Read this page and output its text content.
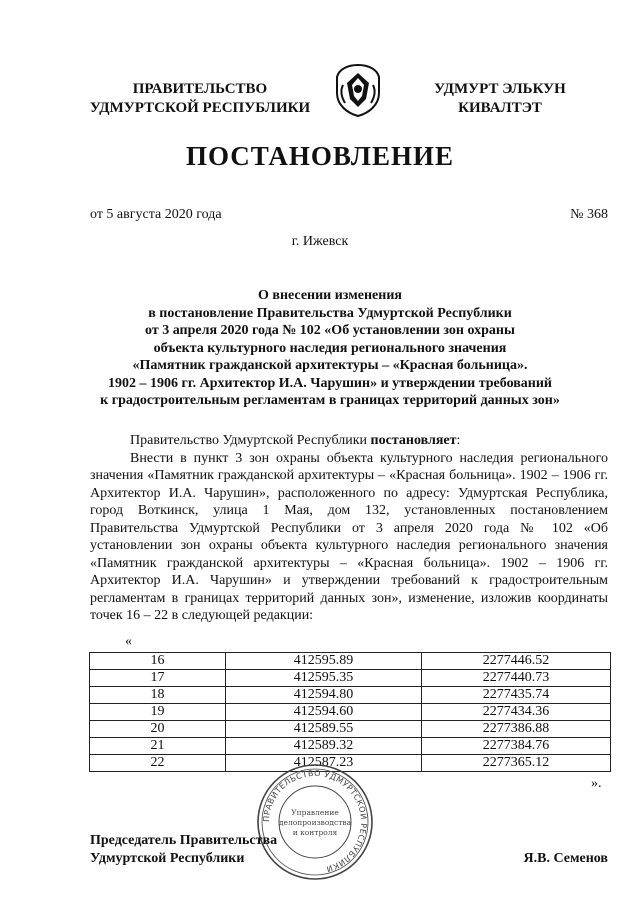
ПРАВИТЕЛЬСТВО
УДМУРТСКОЙ РЕСПУБЛИКИ
УДМУРТ ЭЛЬКУН
КИВАЛТЭТ
ПОСТАНОВЛЕНИЕ
от 5 августа 2020 года	№ 368
г. Ижевск
О внесении изменения
в постановление Правительства Удмуртской Республики
от 3 апреля 2020 года № 102 «Об установлении зон охраны
объекта культурного наследия регионального значения
«Памятник гражданской архитектуры – «Красная больница».
1902 – 1906 гг. Архитектор И.А. Чарушин» и утверждении требований
к градостроительным регламентам в границах территорий данных зон»

Правительство Удмуртской Республики постановляет:

Внести в пункт 3 зон охраны объекта культурного наследия регионального значения «Памятник гражданской архитектуры – «Красная больница». 1902 – 1906 гг. Архитектор И.А. Чарушин», расположенного по адресу: Удмуртская Республика, город Воткинск, улица 1 Мая, дом 132, установленных постановлением Правительства Удмуртской Республики от 3 апреля 2020 года № 102 «Об установлении зон охраны объекта культурного наследия регионального значения «Памятник гражданской архитектуры – «Красная больница». 1902 – 1906 гг. Архитектор И.А. Чарушин» и утверждении требований к градостроительным регламентам в границах территорий данных зон», изменение, изложив координаты точек 16 – 22 в следующей редакции:

«
16	412595.89	2277446.52
17	412595.35	2277440.73
18	412594.80	2277435.74
19	412594.60	2277434.36
20	412589.55	2277386.88
21	412589.32	2277384.76
22	412587.23	2277365.12
».
ПРАВИТЕЛЬСТВО УДМУРТСКОЙ РЕСПУБЛИКИ
Управление
делопроизводства
и контроля
Председатель Правительства
Удмуртской Республики	Я.В. Семенов
